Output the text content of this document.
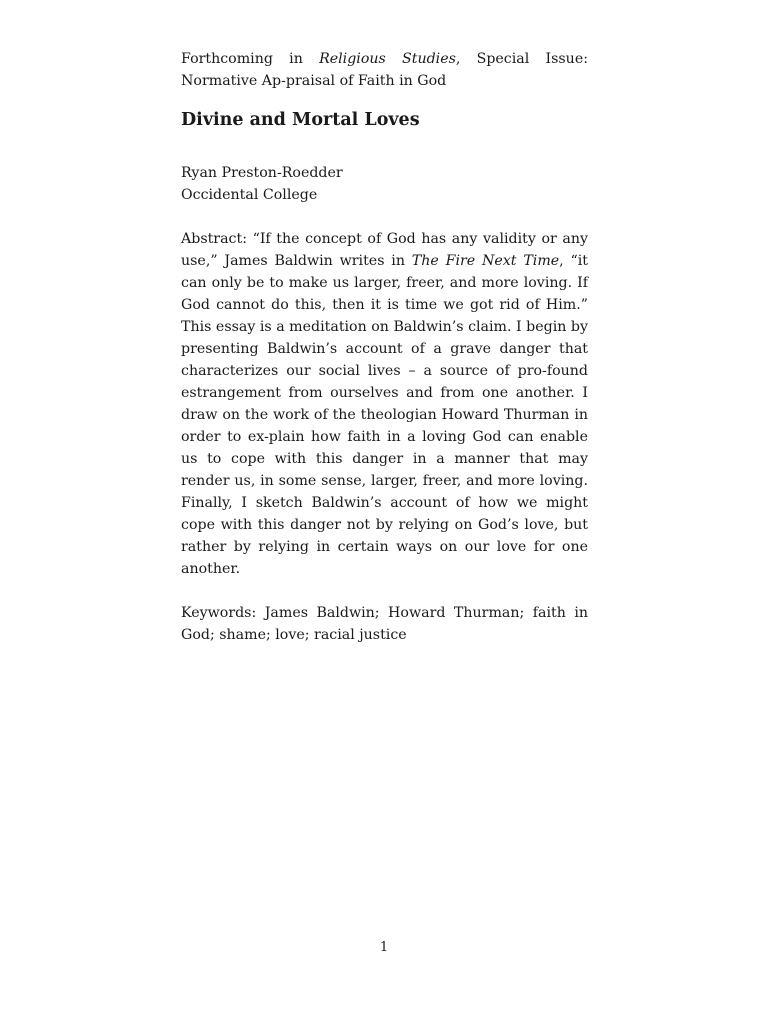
Forthcoming in Religious Studies, Special Issue: Normative Ap-praisal of Faith in God

Divine and Mortal Loves
Ryan Preston-Roedder
Occidental College

Abstract: “If the concept of God has any validity or any use,” James Baldwin writes in The Fire Next Time, “it can only be to make us larger, freer, and more loving. If God cannot do this, then it is time we got rid of Him.” This essay is a meditation on Baldwin’s claim. I begin by presenting Baldwin’s account of a grave danger that characterizes our social lives – a source of pro-found estrangement from ourselves and from one another. I draw on the work of the theologian Howard Thurman in order to ex-plain how faith in a loving God can enable us to cope with this danger in a manner that may render us, in some sense, larger, freer, and more loving. Finally, I sketch Baldwin’s account of how we might cope with this danger not by relying on God’s love, but rather by relying in certain ways on our love for one another.

Keywords: James Baldwin; Howard Thurman; faith in God; shame; love; racial justice

1
